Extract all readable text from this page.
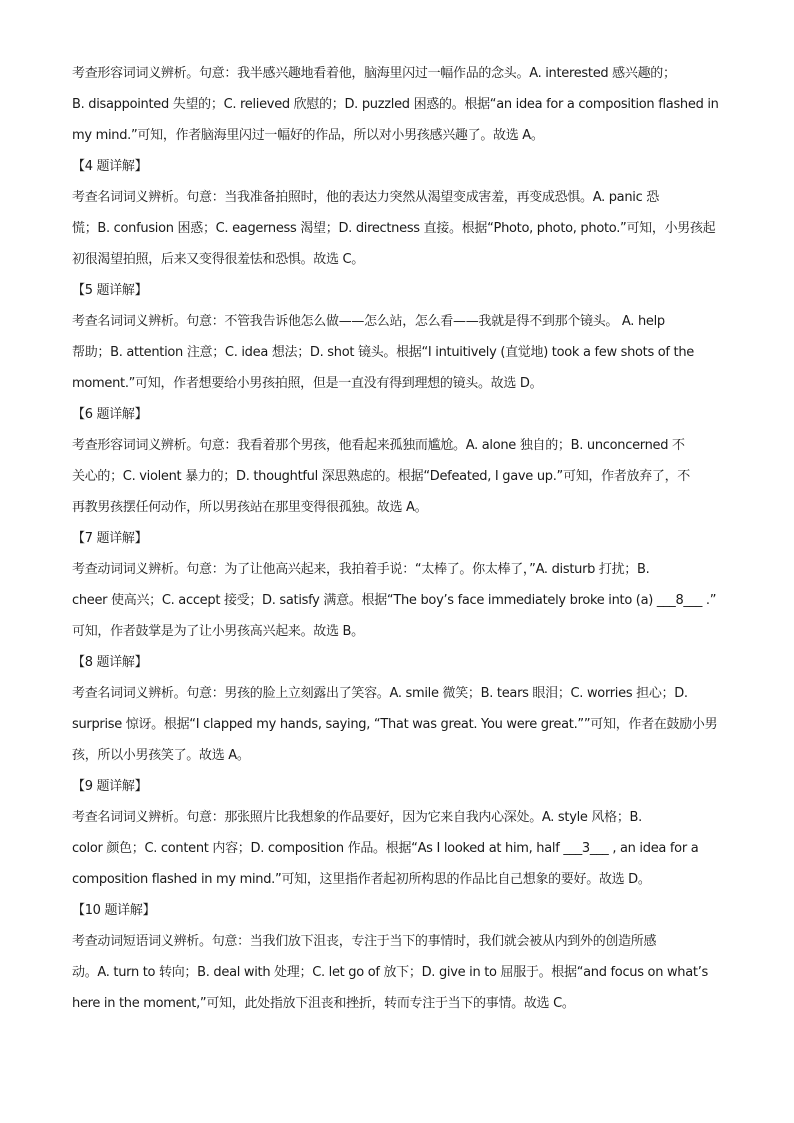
考查形容词词义辨析。句意：我半感兴趣地看着他，脑海里闪过一幅作品的念头。A. interested 感兴趣的；
B. disappointed 失望的；C. relieved 欣慰的；D. puzzled 困惑的。根据“an idea for a composition flashed in
my mind.”可知，作者脑海里闪过一幅好的作品，所以对小男孩感兴趣了。故选 A。
【4 题详解】
考查名词词义辨析。句意：当我准备拍照时，他的表达力突然从渴望变成害羞，再变成恐惧。A. panic 恐
慌；B. confusion 困惑；C. eagerness 渴望；D. directness 直接。根据“Photo, photo, photo.”可知，小男孩起
初很渴望拍照，后来又变得很羞怯和恐惧。故选 C。
【5 题详解】
考查名词词义辨析。句意：不管我告诉他怎么做——怎么站，怎么看——我就是得不到那个镜头。 A. help
帮助；B. attention 注意；C. idea 想法；D. shot 镜头。根据“I intuitively (直觉地) took a few shots of the
moment.”可知，作者想要给小男孩拍照，但是一直没有得到理想的镜头。故选 D。
【6 题详解】
考查形容词词义辨析。句意：我看着那个男孩，他看起来孤独而尴尬。A. alone 独自的；B. unconcerned 不
关心的；C. violent 暴力的；D. thoughtful 深思熟虑的。根据“Defeated, I gave up.”可知，作者放弃了，不
再教男孩摆任何动作，所以男孩站在那里变得很孤独。故选 A。
【7 题详解】
考查动词词义辨析。句意：为了让他高兴起来，我拍着手说：“太棒了。你太棒了，”A. disturb 打扰；B.
cheer 使高兴；C. accept 接受；D. satisfy 满意。根据“The boy’s face immediately broke into (a) ___8___ .”
可知，作者鼓掌是为了让小男孩高兴起来。故选 B。
【8 题详解】
考查名词词义辨析。句意：男孩的脸上立刻露出了笑容。A. smile 微笑；B. tears 眼泪；C. worries 担心；D.
surprise 惊讶。根据“I clapped my hands, saying, “That was great. You were great.””可知，作者在鼓励小男
孩，所以小男孩笑了。故选 A。
【9 题详解】
考查名词词义辨析。句意：那张照片比我想象的作品要好，因为它来自我内心深处。A. style 风格；B.
color 颜色；C. content 内容；D. composition 作品。根据“As I looked at him, half ___3___ , an idea for a
composition flashed in my mind.”可知，这里指作者起初所构思的作品比自己想象的要好。故选 D。
【10 题详解】
考查动词短语词义辨析。句意：当我们放下沮丧，专注于当下的事情时，我们就会被从内到外的创造所感
动。A. turn to 转向；B. deal with 处理；C. let go of 放下；D. give in to 屈服于。根据“and focus on what’s
here in the moment,”可知，此处指放下沮丧和挫折，转而专注于当下的事情。故选 C。
